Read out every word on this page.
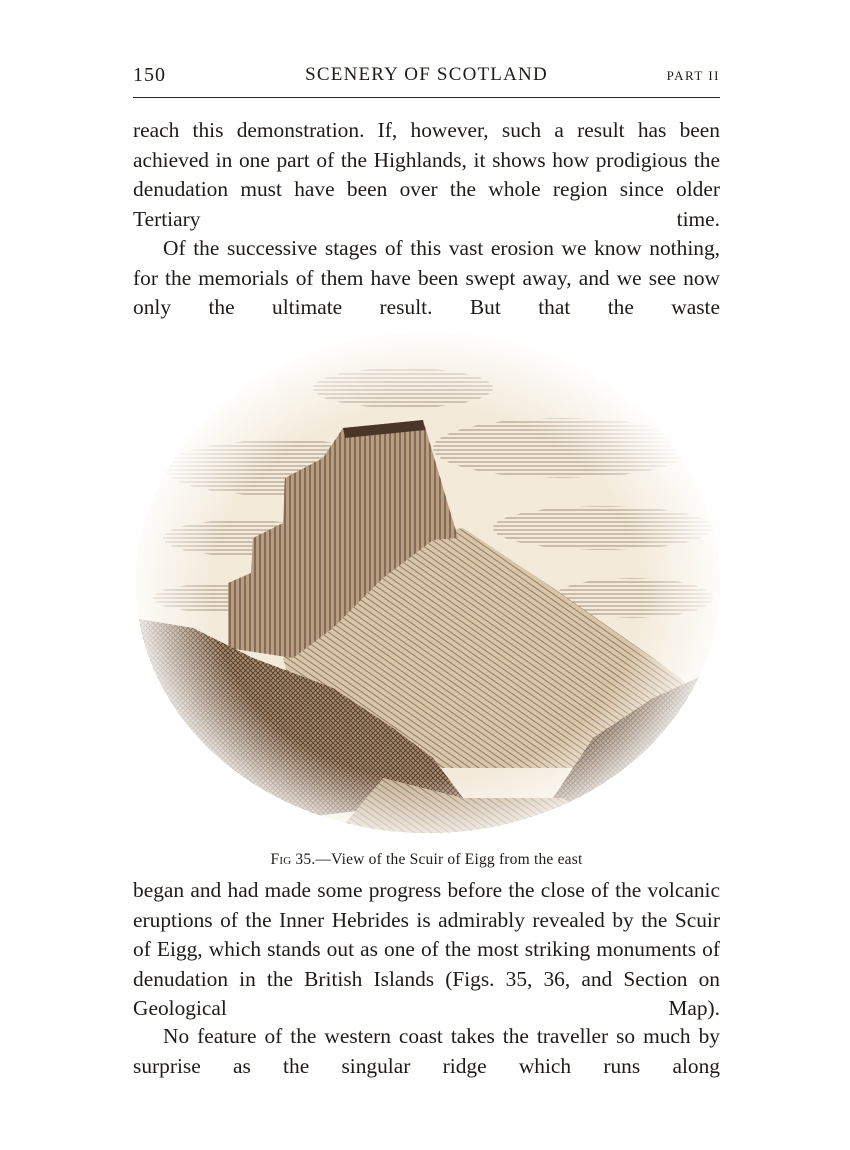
150	SCENERY OF SCOTLAND	PART II

reach this demonstration. If, however, such a result has been achieved in one part of the Highlands, it shows how prodigious the denudation must have been over the whole region since older Tertiary time.

Of the successive stages of this vast erosion we know nothing, for the memorials of them have been swept away, and we see now only the ultimate result. But that the waste

Fig 35.—View of the Scuir of Eigg from the east

began and had made some progress before the close of the volcanic eruptions of the Inner Hebrides is admirably revealed by the Scuir of Eigg, which stands out as one of the most striking monuments of denudation in the British Islands (Figs. 35, 36, and Section on Geological Map).

No feature of the western coast takes the traveller so much by surprise as the singular ridge which runs along
